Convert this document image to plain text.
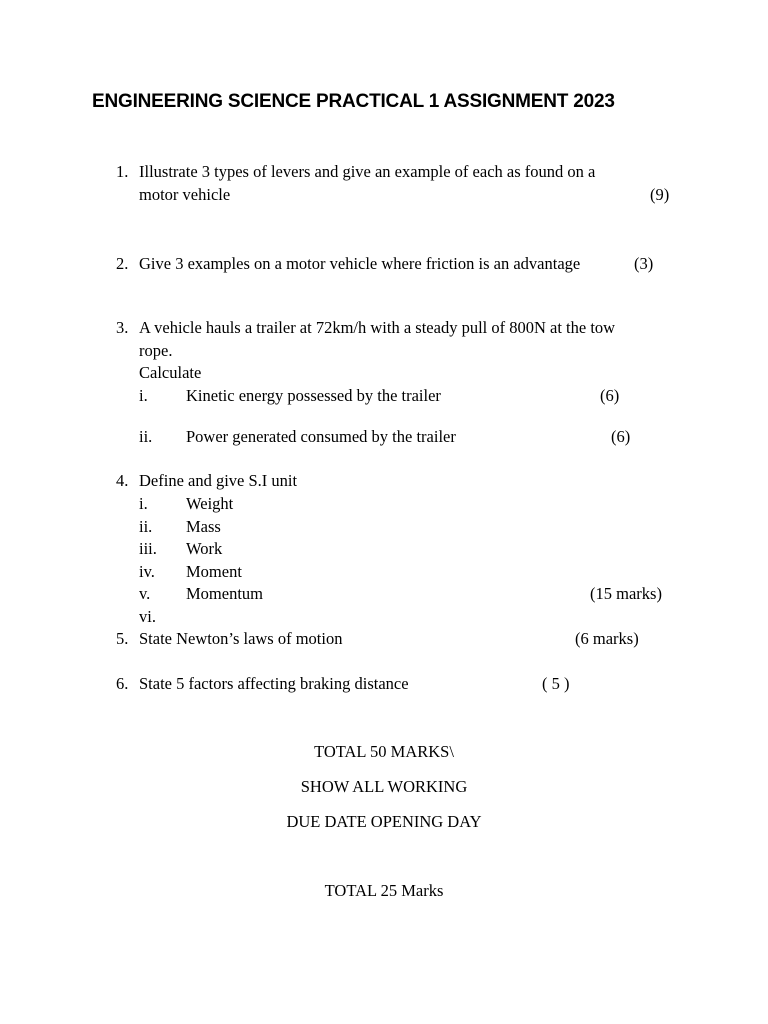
ENGINEERING SCIENCE PRACTICAL 1 ASSIGNMENT 2023
1. Illustrate 3 types of levers and give an example of each as found on a
motor vehicle	(9)
2. Give 3 examples on a motor vehicle where friction is an advantage	(3)
3. A vehicle hauls a trailer at 72km/h with a steady pull of 800N at the tow
rope.
Calculate
i. Kinetic energy possessed by the trailer	(6)
ii. Power generated consumed by the trailer	(6)
4. Define and give S.I unit
i. Weight
ii. Mass
iii. Work
iv. Moment
v. Momentum	(15 marks)
vi.
5. State Newton’s laws of motion	(6 marks)
6. State 5 factors affecting braking distance	( 5 )
TOTAL 50 MARKS\
SHOW ALL WORKING
DUE DATE OPENING DAY
TOTAL 25 Marks
